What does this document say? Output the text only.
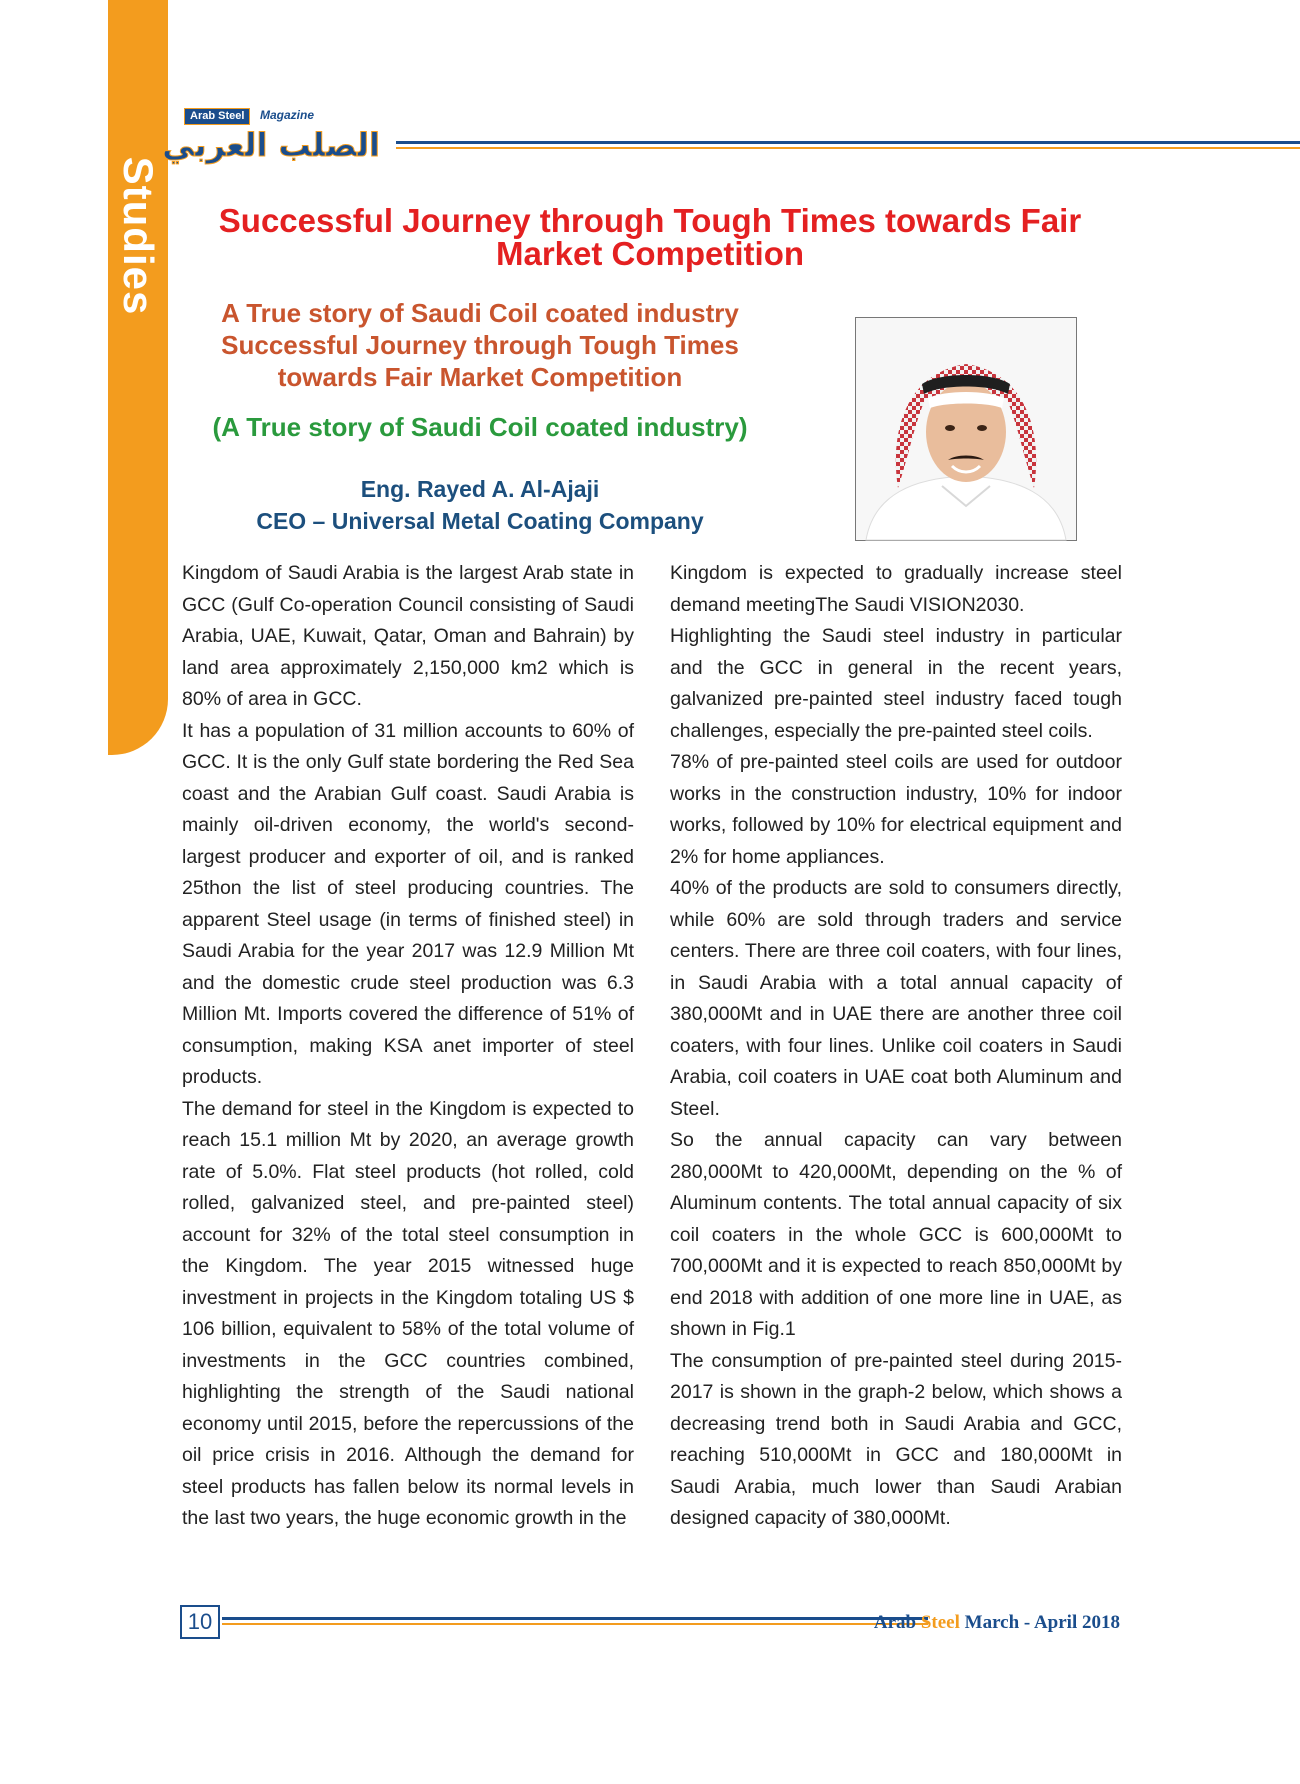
Studies
Arab Steel	Magazine
الصلب العربي
Successful Journey through Tough Times towards Fair
Market Competition
A True story of Saudi Coil coated industry
Successful Journey through Tough Times
towards Fair Market Competition
(A True story of Saudi Coil coated industry)
Eng. Rayed A. Al-Ajaji
CEO – Universal Metal Coating Company

Kingdom of Saudi Arabia is the largest Arab state in GCC (Gulf Co-operation Council consisting of Saudi Arabia, UAE, Kuwait, Qatar, Oman and Bahrain) by land area approximately 2,150,000 km2 which is 80% of area in GCC.

It has a population of 31 million accounts to 60% of GCC. It is the only Gulf state bordering the Red Sea coast and the Arabian Gulf coast. Saudi Arabia is mainly oil-driven economy, the world's second-largest producer and exporter of oil, and is ranked 25thon the list of steel producing countries. The apparent Steel usage (in terms of finished steel) in Saudi Arabia for the year 2017 was 12.9 Million Mt and the domestic crude steel production was 6.3 Million Mt. Imports covered the difference of 51% of consumption, making KSA anet importer of steel products.

The demand for steel in the Kingdom is expected to reach 15.1 million Mt by 2020, an average growth rate of 5.0%. Flat steel products (hot rolled, cold rolled, galvanized steel, and pre-painted steel) account for 32% of the total steel consumption in the Kingdom. The year 2015 witnessed huge investment in projects in the Kingdom totaling US $ 106 billion, equivalent to 58% of the total volume of investments in the GCC countries combined, highlighting the strength of the Saudi national economy until 2015, before the repercussions of the oil price crisis in 2016. Although the demand for steel products has fallen below its normal levels in the last two years, the huge economic growth in the

Kingdom is expected to gradually increase steel demand meetingThe Saudi VISION2030.

Highlighting the Saudi steel industry in particular and the GCC in general in the recent years, galvanized pre-painted steel industry faced tough challenges, especially the pre-painted steel coils.

78% of pre-painted steel coils are used for outdoor works in the construction industry, 10% for indoor works, followed by 10% for electrical equipment and 2% for home appliances.

40% of the products are sold to consumers directly, while 60% are sold through traders and service centers. There are three coil coaters, with four lines, in Saudi Arabia with a total annual capacity of 380,000Mt and in UAE there are another three coil coaters, with four lines. Unlike coil coaters in Saudi Arabia, coil coaters in UAE coat both Aluminum and Steel.

So the annual capacity can vary between 280,000Mt to 420,000Mt, depending on the % of Aluminum contents. The total annual capacity of six coil coaters in the whole GCC is 600,000Mt to 700,000Mt and it is expected to reach 850,000Mt by end 2018 with addition of one more line in UAE, as shown in Fig.1

The consumption of pre-painted steel during 2015-2017 is shown in the graph-2 below, which shows a decreasing trend both in Saudi Arabia and GCC, reaching 510,000Mt in GCC and 180,000Mt in Saudi Arabia, much lower than Saudi Arabian designed capacity of 380,000Mt.

10	Arab Steel March - April 2018
